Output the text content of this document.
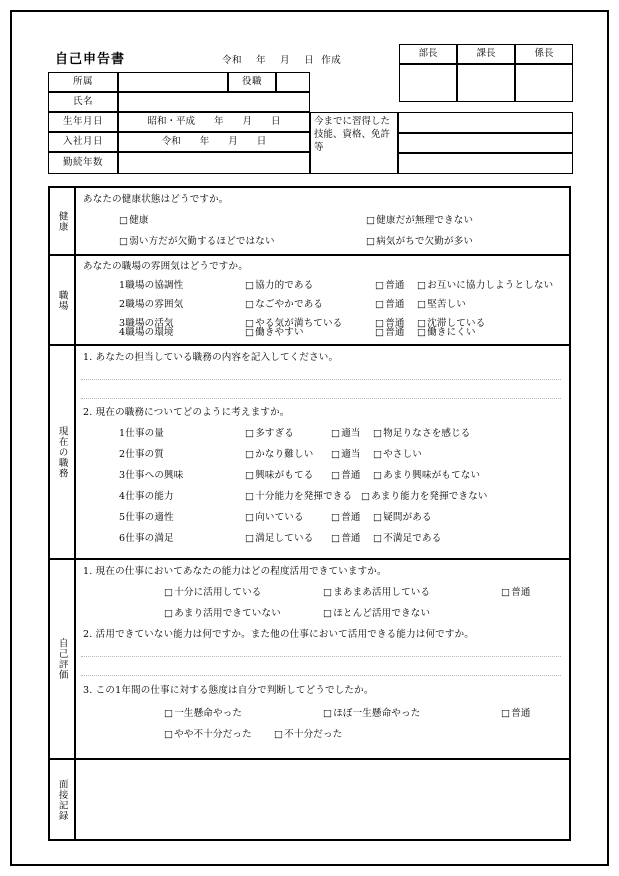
自己申告書	令和    年    月    日  作成
部長	課長	係長
所属	役職
氏名
生年月日	昭和・平成　　年　　月　　日
入社月日	令和　　年　　月　　日
勤続年数
今までに習得した技能、資格、免許等
健康
あなたの健康状態はどうですか。
□ 健康	□ 健康だが無理できない
□ 弱い方だが欠勤するほどではない	□ 病気がちで欠勤が多い
職場
あなたの職場の雰囲気はどうですか。
1職場の協調性	□ 協力的である	□ 普通	□ お互いに協力しようとしない
2職場の雰囲気	□ なごやかである	□ 普通	□ 堅苦しい
3職場の活気	□ やる気が満ちている	□ 普通	□ 沈滞している
4職場の環境	□ 働きやすい	□ 普通	□ 働きにくい
現在の職務
1. あなたの担当している職務の内容を記入してください。
2. 現在の職務についてどのように考えますか。
1仕事の量	□ 多すぎる	□ 適当	□ 物足りなさを感じる
2仕事の質	□ かなり難しい	□ 適当	□ やさしい
3仕事への興味	□ 興味がもてる	□ 普通	□ あまり興味がもてない
4仕事の能力	□ 十分能力を発揮できる	□ あまり能力を発揮できない
5仕事の適性	□ 向いている	□ 普通	□ 疑問がある
6仕事の満足	□ 満足している	□ 普通	□ 不満足である
自己評価
1. 現在の仕事においてあなたの能力はどの程度活用できていますか。
□ 十分に活用している	□ まあまあ活用している	□ 普通
□ あまり活用できていない	□ ほとんど活用できない
2. 活用できていない能力は何ですか。また他の仕事において活用できる能力は何ですか。
3. この1年間の仕事に対する態度は自分で判断してどうでしたか。
□ 一生懸命やった	□ ほぼ一生懸命やった	□ 普通
□ やや不十分だった	□ 不十分だった
面接記録
